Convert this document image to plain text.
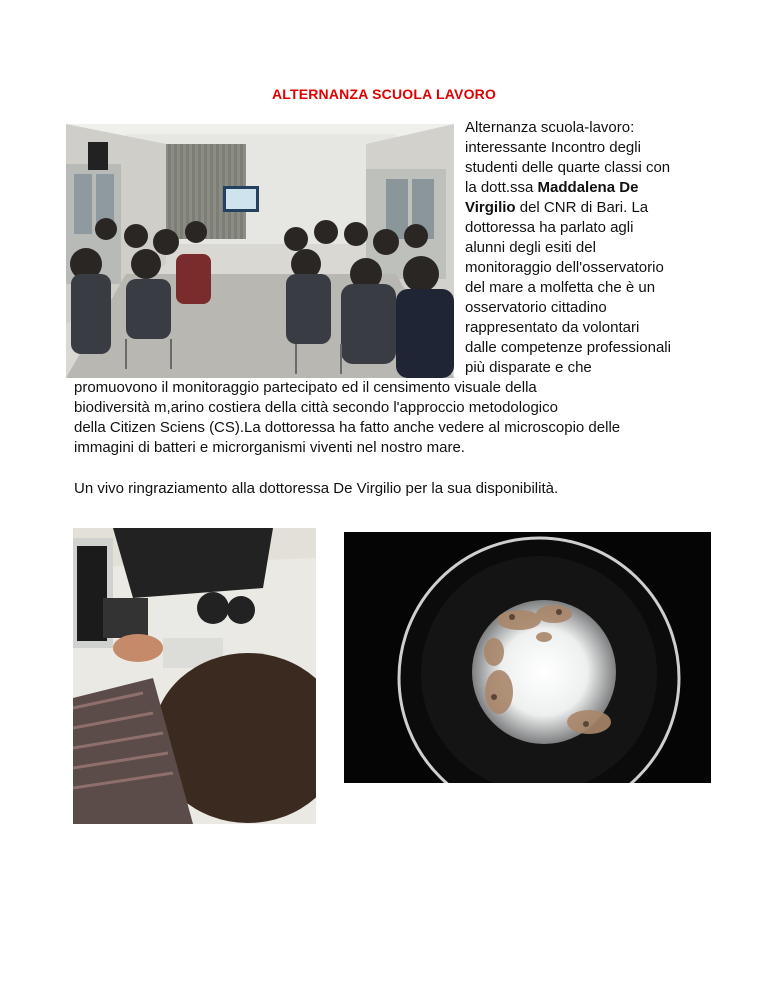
ALTERNANZA SCUOLA LAVORO
Alternanza scuola-lavoro:
interessante Incontro degli
studenti delle quarte classi con
la dott.ssa Maddalena De
Virgilio del CNR di Bari. La
dottoressa ha parlato agli
alunni degli esiti del
monitoraggio dell'osservatorio
del mare a molfetta che è un
osservatorio cittadino
rappresentato da volontari
dalle competenze professionali
più disparate e che
promuovono il monitoraggio partecipato ed il censimento visuale della
biodiversità m,arino costiera della città secondo l'approccio metodologico
della Citizen Sciens (CS).La dottoressa ha fatto anche vedere al microscopio delle
immagini di batteri e microrganismi viventi nel nostro mare.
Un vivo ringraziamento alla dottoressa De Virgilio per la sua disponibilità.
